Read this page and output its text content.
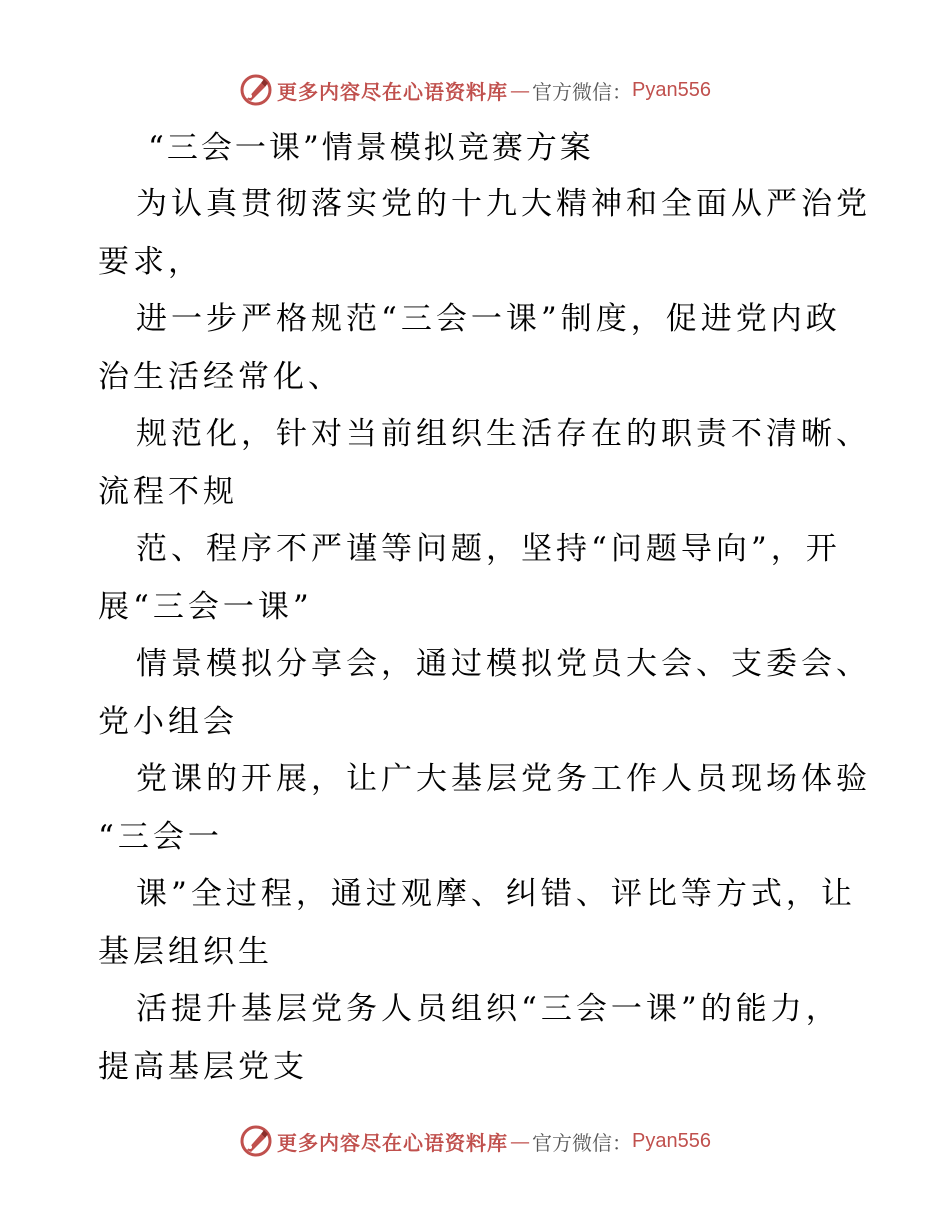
更多内容尽在心语资料库 — 官方微信： Pyan556
“三会一课”情景模拟竞赛方案
为认真贯彻落实党的十九大精神和全面从严治党
要求，
进一步严格规范“三会一课”制度，促进党内政
治生活经常化、
规范化，针对当前组织生活存在的职责不清晰、
流程不规
范、程序不严谨等问题，坚持“问题导向”，开
展“三会一课”
情景模拟分享会，通过模拟党员大会、支委会、
党小组会
党课的开展，让广大基层党务工作人员现场体验
“三会一
课”全过程，通过观摩、纠错、评比等方式，让
基层组织生
活提升基层党务人员组织“三会一课”的能力，
提高基层党支
更多内容尽在心语资料库 — 官方微信： Pyan556
